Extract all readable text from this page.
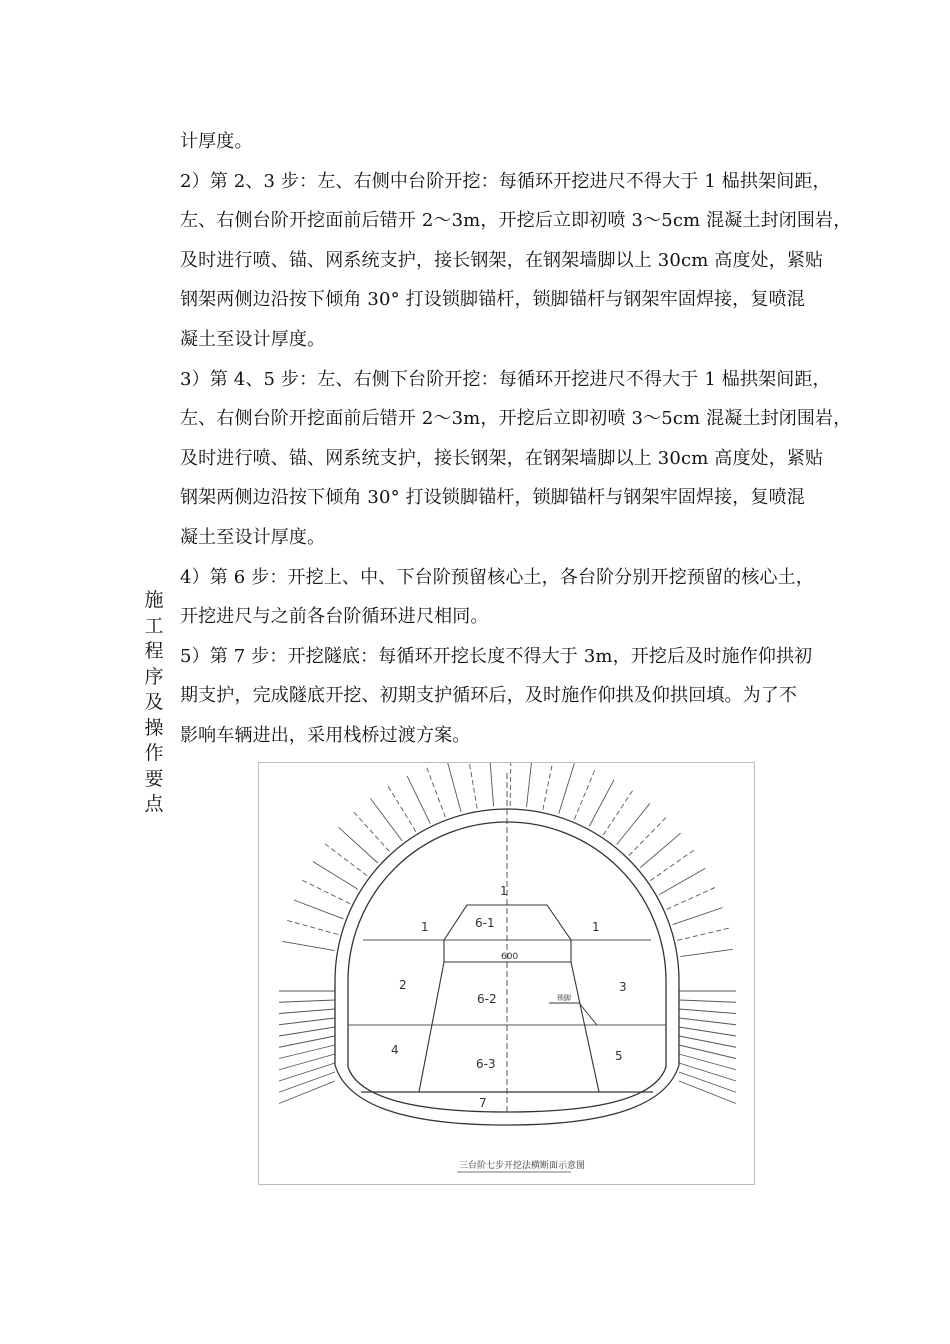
计厚度。
2）第 2、3 步：左、右侧中台阶开挖：每循环开挖进尺不得大于 1 榀拱架间距，
左、右侧台阶开挖面前后错开 2～3m，开挖后立即初喷 3～5cm 混凝土封闭围岩，
及时进行喷、锚、网系统支护，接长钢架，在钢架墙脚以上 30cm 高度处，紧贴
钢架两侧边沿按下倾角 30° 打设锁脚锚杆，锁脚锚杆与钢架牢固焊接，复喷混
凝土至设计厚度。
3）第 4、5 步：左、右侧下台阶开挖：每循环开挖进尺不得大于 1 榀拱架间距，
左、右侧台阶开挖面前后错开 2～3m，开挖后立即初喷 3～5cm 混凝土封闭围岩，
及时进行喷、锚、网系统支护，接长钢架，在钢架墙脚以上 30cm 高度处，紧贴
钢架两侧边沿按下倾角 30° 打设锁脚锚杆，锁脚锚杆与钢架牢固焊接，复喷混
凝土至设计厚度。
4）第 6 步：开挖上、中、下台阶预留核心土，各台阶分别开挖预留的核心土，
开挖进尺与之前各台阶循环进尺相同。
5）第 7 步：开挖隧底：每循环开挖长度不得大于 3m，开挖后及时施作仰拱初
期支护，完成隧底开挖、初期支护循环后，及时施作仰拱及仰拱回填。为了不
影响车辆进出，采用栈桥过渡方案。
施
工
程
序
及
操
作
要
点
锁脚
1
1	1
6-1
600
2	3
6-2
4	5
6-3
7
三台阶七步开挖法横断面示意图
